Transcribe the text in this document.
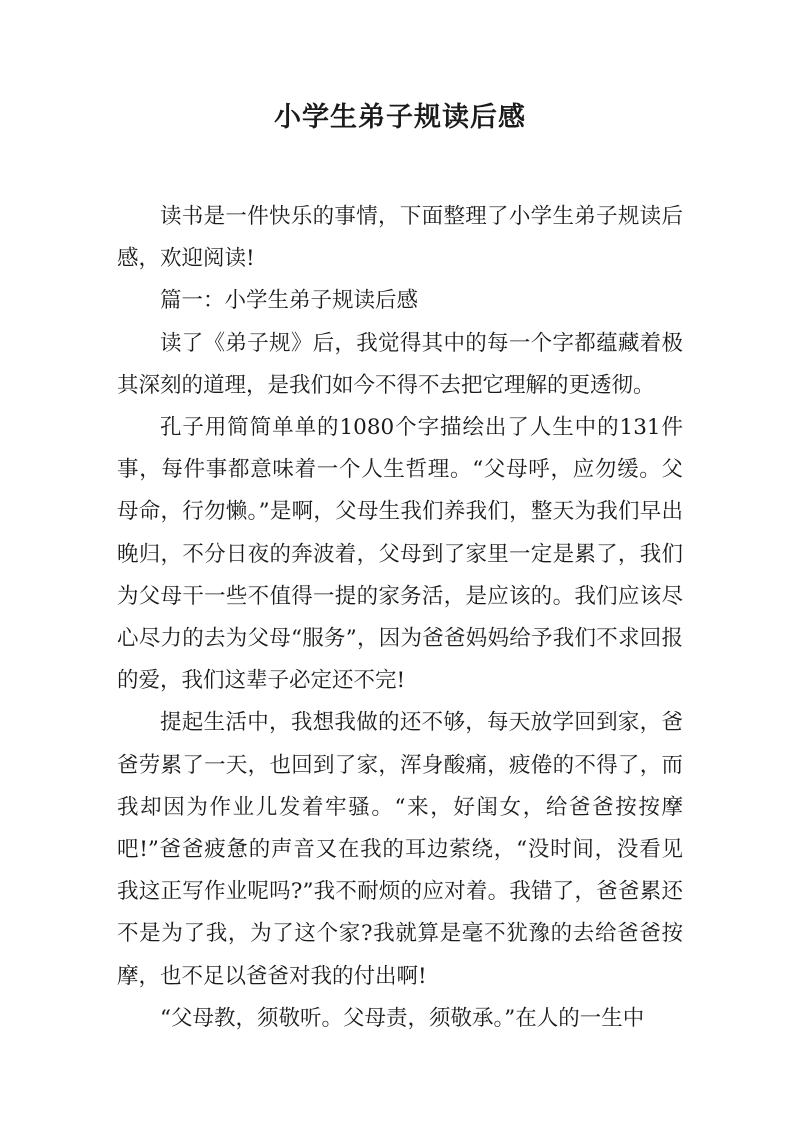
小学生弟子规读后感

读书是一件快乐的事情，下面整理了小学生弟子规读后感，欢迎阅读!

篇一：小学生弟子规读后感

读了《弟子规》后，我觉得其中的每一个字都蕴藏着极其深刻的道理，是我们如今不得不去把它理解的更透彻。

孔子用简简单单的1080个字描绘出了人生中的131件事，每件事都意味着一个人生哲理。“父母呼，应勿缓。父母命，行勿懒。”是啊，父母生我们养我们，整天为我们早出晚归，不分日夜的奔波着，父母到了家里一定是累了，我们为父母干一些不值得一提的家务活，是应该的。我们应该尽心尽力的去为父母“服务”，因为爸爸妈妈给予我们不求回报的爱，我们这辈子必定还不完!

提起生活中，我想我做的还不够，每天放学回到家，爸爸劳累了一天，也回到了家，浑身酸痛，疲倦的不得了，而我却因为作业儿发着牢骚。“来，好闺女，给爸爸按按摩吧!”爸爸疲惫的声音又在我的耳边萦绕，“没时间，没看见我这正写作业呢吗?”我不耐烦的应对着。我错了，爸爸累还不是为了我，为了这个家?我就算是毫不犹豫的去给爸爸按摩，也不足以爸爸对我的付出啊!

“父母教，须敬听。父母责，须敬承。”在人的一生中
